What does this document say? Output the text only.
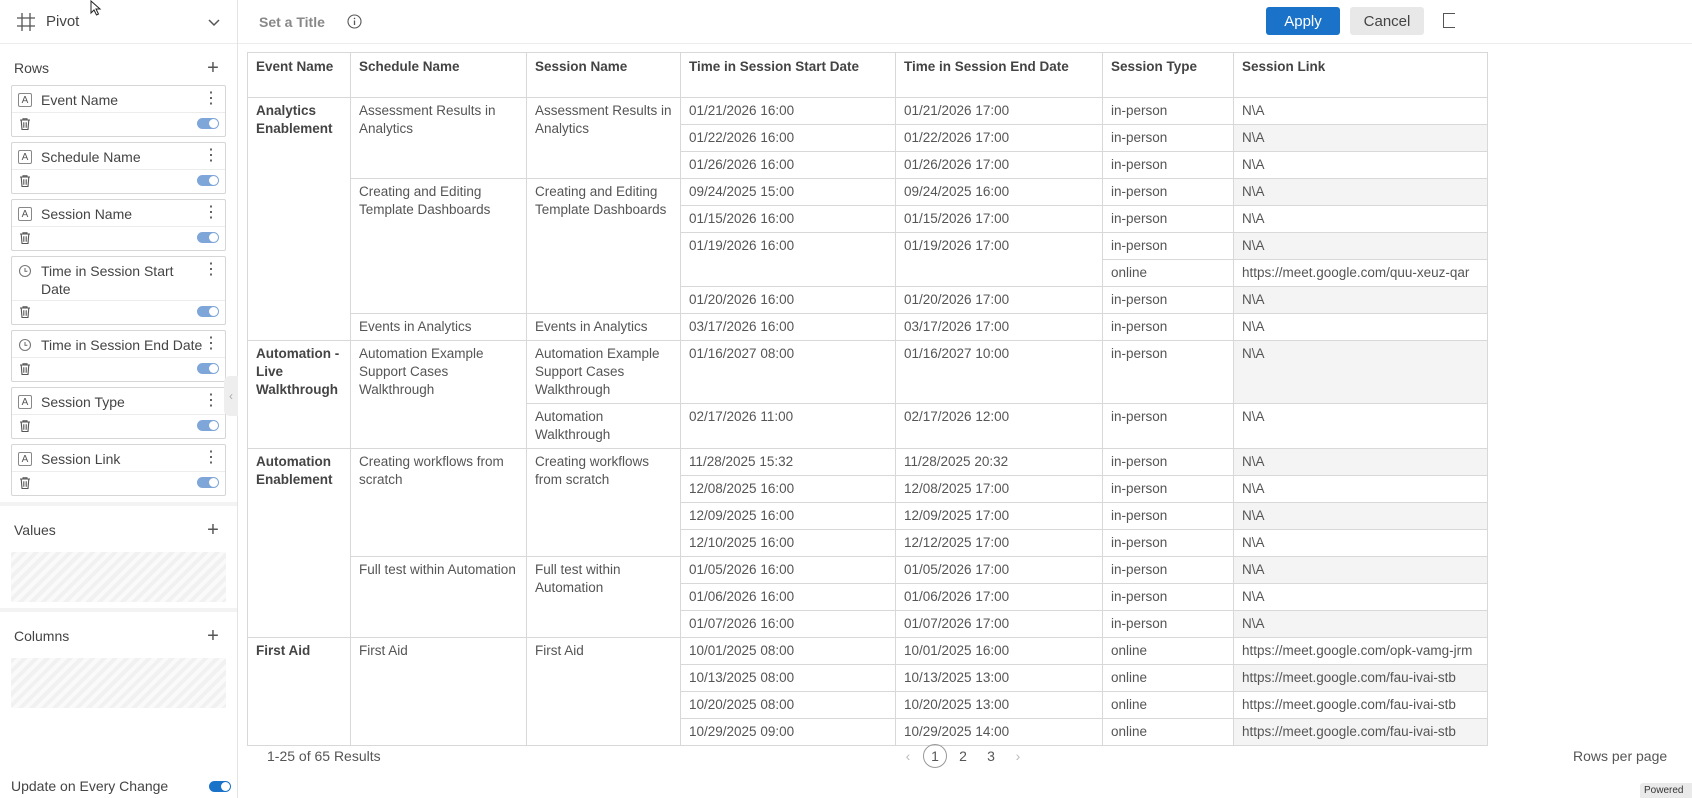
Pivot
Rows	+
A Event Name	⋮
A Schedule Name	⋮
A Session Name	⋮
Time in Session Start Date
⋮
Time in Session End Date ⋮
A Session Type	⋮
A Session Link	⋮
Values	+
Columns	+
Update on Every Change
‹
Set a Title	Apply	Cancel
Event Name	Schedule Name	Session Name	Time in Session Start Date	Time in Session End Date	Session Type	Session Link
Analytics Enablement	Assessment Results in Analytics	Assessment Results in Analytics	01/21/2026 16:00	01/21/2026 17:00	in-person	N\A
			01/22/2026 16:00	01/22/2026 17:00	in-person	N\A
			01/26/2026 16:00	01/26/2026 17:00	in-person	N\A
	Creating and Editing Template Dashboards	Creating and Editing Template Dashboards	09/24/2025 15:00	09/24/2025 16:00	in-person	N\A
			01/15/2026 16:00	01/15/2026 17:00	in-person	N\A
			01/19/2026 16:00	01/19/2026 17:00	in-person	N\A
					online	https://meet.google.com/quu-xeuz-qar
			01/20/2026 16:00	01/20/2026 17:00	in-person	N\A
	Events in Analytics	Events in Analytics	03/17/2026 16:00	03/17/2026 17:00	in-person	N\A
Automation - Live Walkthrough	Automation Example Support Cases Walkthrough	Automation Example Support Cases Walkthrough	01/16/2027 08:00	01/16/2027 10:00	in-person	N\A
		Automation Walkthrough	02/17/2026 11:00	02/17/2026 12:00	in-person	N\A
Automation Enablement	Creating workflows from scratch	Creating workflows from scratch	11/28/2025 15:32	11/28/2025 20:32	in-person	N\A
			12/08/2025 16:00	12/08/2025 17:00	in-person	N\A
			12/09/2025 16:00	12/09/2025 17:00	in-person	N\A
			12/10/2025 16:00	12/12/2025 17:00	in-person	N\A
	Full test within Automation	Full test within Automation	01/05/2026 16:00	01/05/2026 17:00	in-person	N\A
			01/06/2026 16:00	01/06/2026 17:00	in-person	N\A
			01/07/2026 16:00	01/07/2026 17:00	in-person	N\A
First Aid	First Aid	First Aid	10/01/2025 08:00	10/01/2025 16:00	online	https://meet.google.com/opk-vamg-jrm
			10/13/2025 08:00	10/13/2025 13:00	online	https://meet.google.com/fau-ivai-stb
			10/20/2025 08:00	10/20/2025 13:00	online	https://meet.google.com/fau-ivai-stb
			10/29/2025 09:00	10/29/2025 14:00	online	https://meet.google.com/fau-ivai-stb
1-25 of 65 Results	‹	1	2	3	›	Rows per page
Powered
